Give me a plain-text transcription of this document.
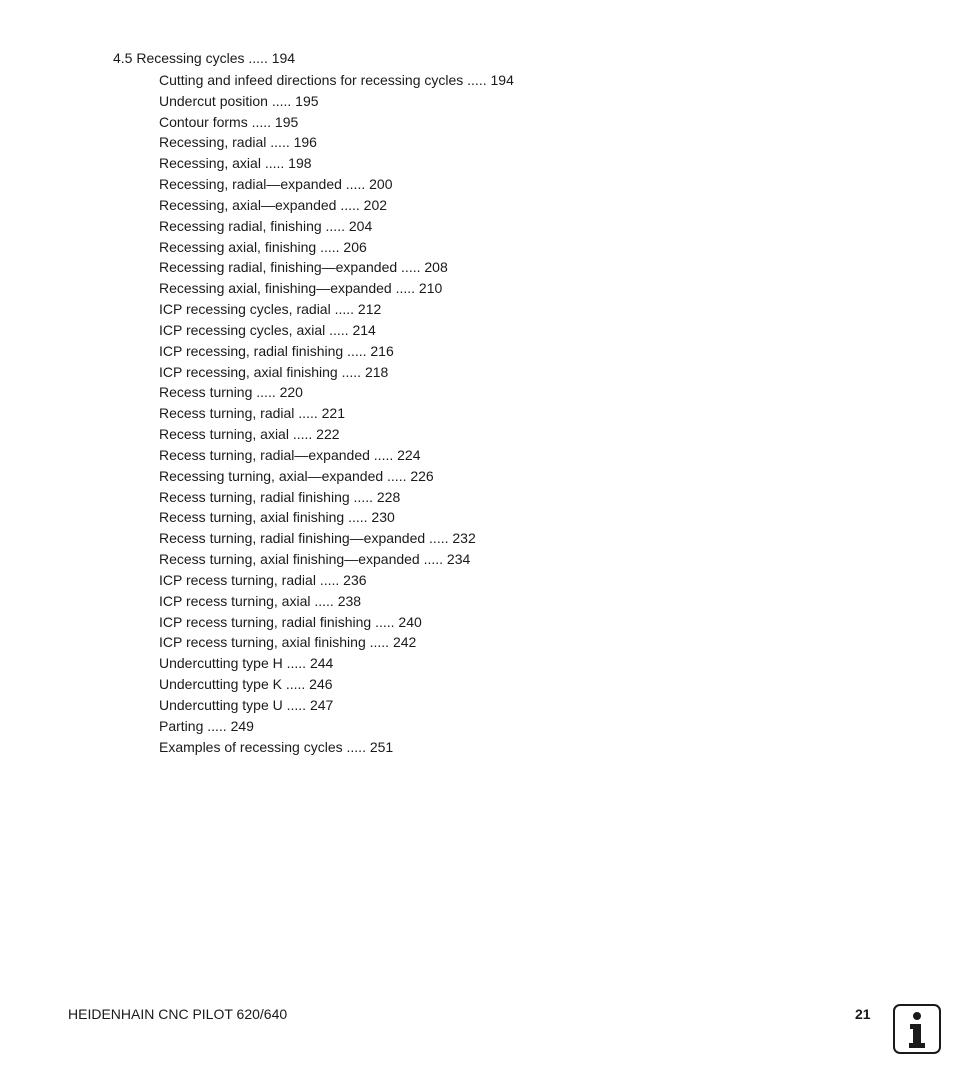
4.5 Recessing cycles ..... 194
Cutting and infeed directions for recessing cycles ..... 194
Undercut position ..... 195
Contour forms ..... 195
Recessing, radial ..... 196
Recessing, axial ..... 198
Recessing, radial—expanded ..... 200
Recessing, axial—expanded ..... 202
Recessing radial, finishing ..... 204
Recessing axial, finishing ..... 206
Recessing radial, finishing—expanded ..... 208
Recessing axial, finishing—expanded ..... 210
ICP recessing cycles, radial ..... 212
ICP recessing cycles, axial ..... 214
ICP recessing, radial finishing ..... 216
ICP recessing, axial finishing ..... 218
Recess turning ..... 220
Recess turning, radial ..... 221
Recess turning, axial ..... 222
Recess turning, radial—expanded ..... 224
Recessing turning, axial—expanded ..... 226
Recess turning, radial finishing ..... 228
Recess turning, axial finishing ..... 230
Recess turning, radial finishing—expanded ..... 232
Recess turning, axial finishing—expanded ..... 234
ICP recess turning, radial ..... 236
ICP recess turning, axial ..... 238
ICP recess turning, radial finishing ..... 240
ICP recess turning, axial finishing ..... 242
Undercutting type H ..... 244
Undercutting type K ..... 246
Undercutting type U ..... 247
Parting ..... 249
Examples of recessing cycles ..... 251
HEIDENHAIN CNC PILOT 620/640	21
